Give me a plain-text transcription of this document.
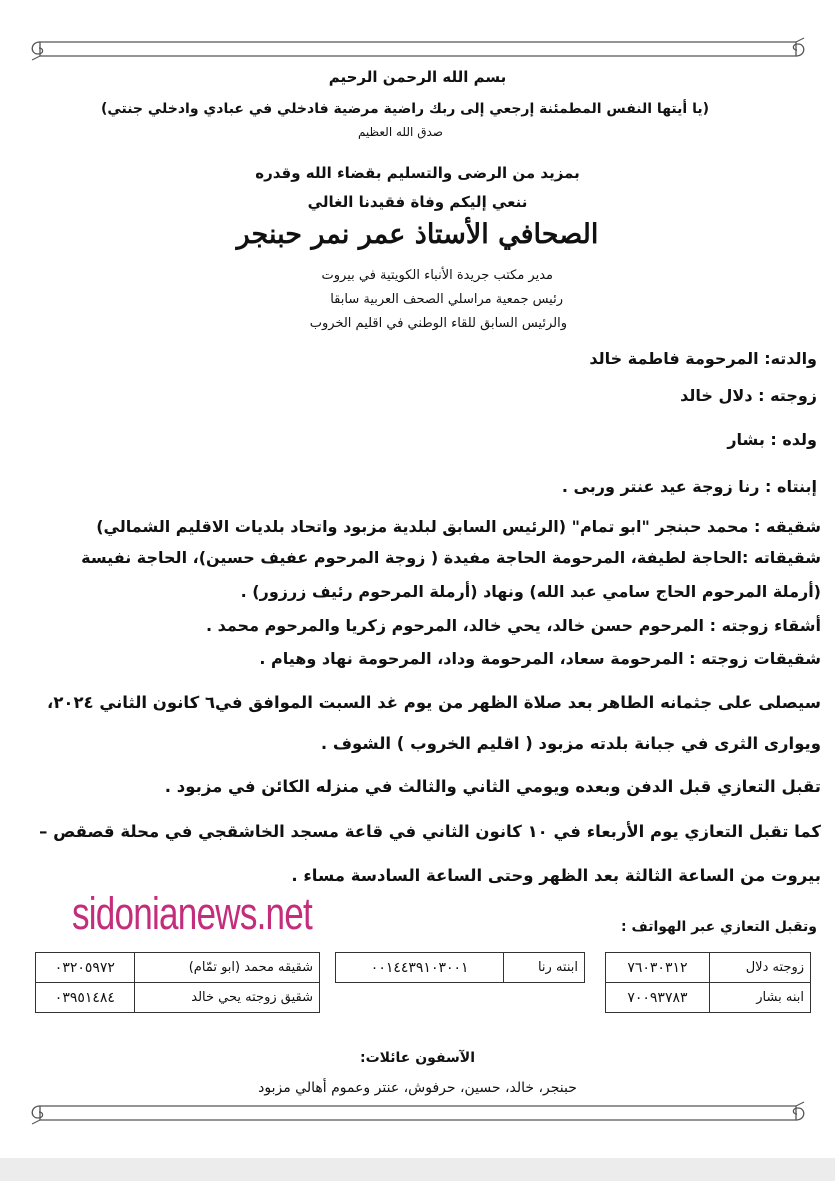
بسم الله الرحمن الرحيم
(يا أيتها النفس المطمئنة إرجعي إلى ربك راضية مرضية فادخلي في عبادي وادخلي جنتي)
صدق الله العظيم
بمزيد من الرضى والتسليم بقضاء الله وقدره
ننعي إليكم وفاة فقيدنا الغالي
الصحافي الأستاذ عمر نمر حبنجر
مدير مكتب جريدة الأنباء الكويتية في بيروت
رئيس جمعية مراسلي الصحف العربية سابقا
والرئيس السابق للقاء الوطني في اقليم الخروب
والدته: المرحومة فاطمة خالد
زوجته : دلال خالد
ولده : بشار
إبنتاه : رنا زوجة عيد عنتر وربى .
شقيقه : محمد حبنجر "ابو تمام" (الرئيس السابق لبلدية مزبود واتحاد بلديات الاقليم الشمالي)
شقيقاته :الحاجة لطيفة، المرحومة الحاجة مفيدة ( زوجة المرحوم عفيف حسين)، الحاجة نفيسة
(أرملة المرحوم الحاج سامي عبد الله) ونهاد (أرملة المرحوم رئيف زرزور) .
أشقاء زوجته : المرحوم حسن خالد، يحي خالد، المرحوم زكريا والمرحوم محمد .
شقيقات زوجته : المرحومة سعاد، المرحومة وداد، المرحومة نهاد وهيام .
سيصلى على جثمانه الطاهر بعد صلاة الظهر من يوم غد السبت الموافق في٦ كانون الثاني ٢٠٢٤،
ويوارى الثرى في جبانة بلدته مزبود ( اقليم الخروب ) الشوف .
تقبل التعازي قبل الدفن وبعده ويومي الثاني والثالث في منزله الكائن في مزبود .
كما تقبل التعازي يوم الأربعاء في ١٠ كانون الثاني في قاعة مسجد الخاشقجي في محلة قصقص –
بيروت من الساعة الثالثة بعد الظهر وحتى الساعة السادسة مساء .
sidonianews.net	وتقبل التعازي عبر الهواتف :
زوجته دلال	٧٦٠٣٠٣١٢
ابنه بشار	٧٠٠٩٣٧٨٣
ابنته رنا	٠٠١٤٤٣٩١٠٣٠٠١
شقيقه محمد (ابو تمّام)	٠٣٢٠٥٩٧٢
شقيق زوجته يحي خالد	٠٣٩٥١٤٨٤
الآسفون عائلات:
حبنجر، خالد، حسين، حرفوش، عنتر وعموم أهالي مزبود
